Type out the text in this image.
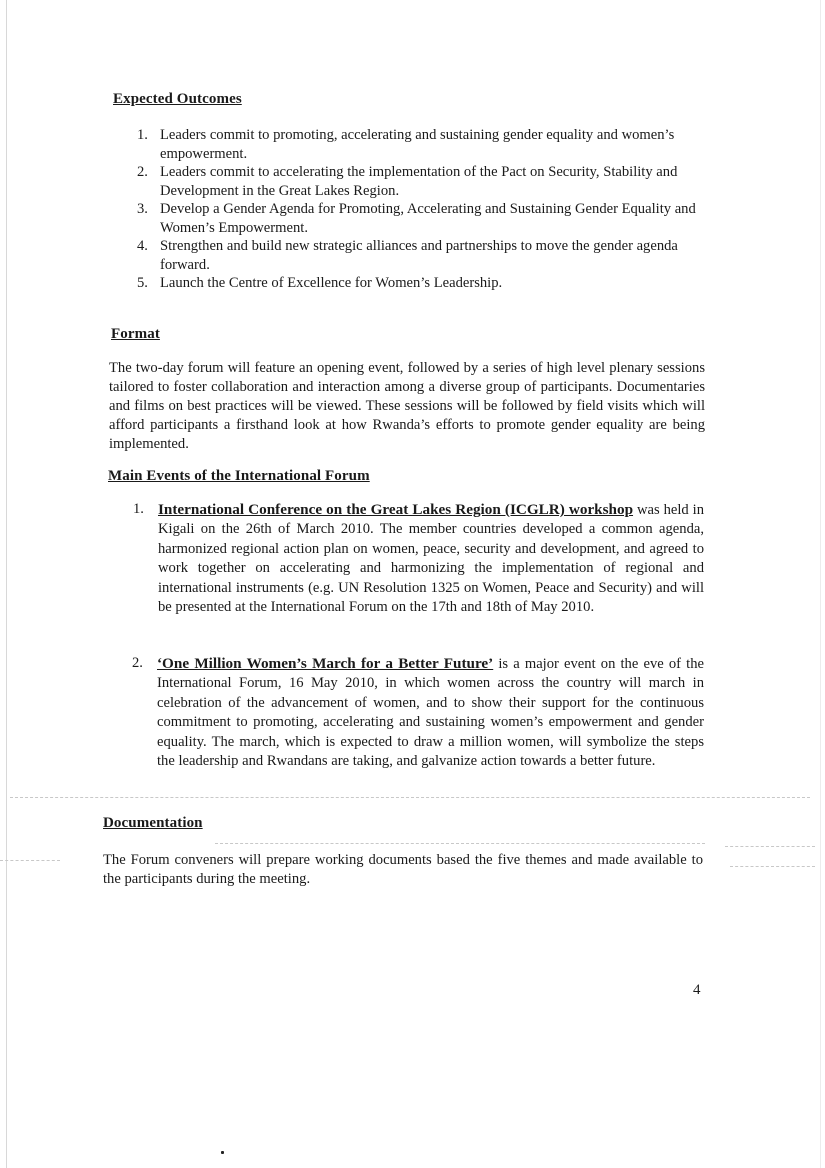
Expected Outcomes
1. Leaders commit to promoting, accelerating and sustaining gender equality and women’s empowerment.
2. Leaders commit to accelerating the implementation of the Pact on Security, Stability and Development in the Great Lakes Region.
3. Develop a Gender Agenda for Promoting, Accelerating and Sustaining Gender Equality and Women’s Empowerment.
4. Strengthen and build new strategic alliances and partnerships to move the gender agenda forward.
5. Launch the Centre of Excellence for Women’s Leadership.
Format

The two-day forum will feature an opening event, followed by a series of high level plenary sessions tailored to foster collaboration and interaction among a diverse group of participants. Documentaries and films on best practices will be viewed. These sessions will be followed by field visits which will afford participants a firsthand look at how Rwanda’s efforts to promote gender equality are being implemented.

Main Events of the International Forum
1. International Conference on the Great Lakes Region (ICGLR) workshop was held in Kigali on the 26th of March 2010. The member countries developed a common agenda, harmonized regional action plan on women, peace, security and development, and agreed to work together on accelerating and harmonizing the implementation of regional and international instruments (e.g. UN Resolution 1325 on Women, Peace and Security) and will be presented at the International Forum on the 17th and 18th of May 2010.
2. ‘One Million Women’s March for a Better Future’ is a major event on the eve of the International Forum, 16 May 2010, in which women across the country will march in celebration of the advancement of women, and to show their support for the continuous commitment to promoting, accelerating and sustaining women’s empowerment and gender equality. The march, which is expected to draw a million women, will symbolize the steps the leadership and Rwandans are taking, and galvanize action towards a better future.
Documentation

The Forum conveners will prepare working documents based the five themes and made available to the participants during the meeting.

4
